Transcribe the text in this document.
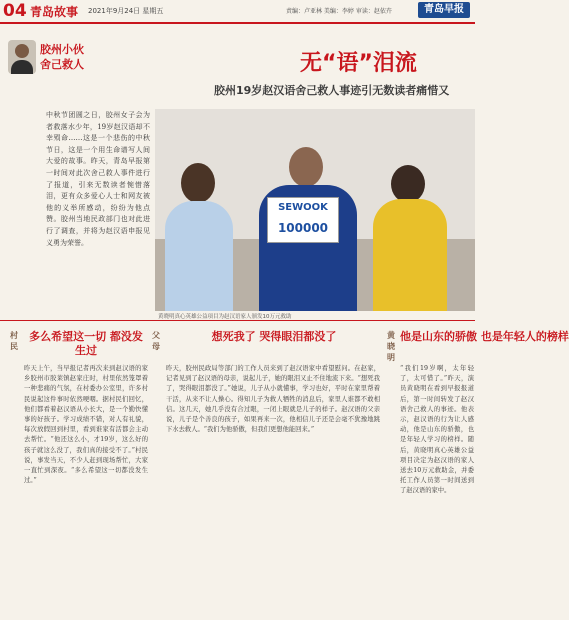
04 青岛故事 2021年9月24日 星期五	责编：卢亚林 美编：李婷 审读：赵依卉	青岛早报
胶州小伙 舍己救人	无“语”泪流
胶州19岁赵汉语舍己救人事迹引无数读者痛惜又
中秋节团圆之日，胶州女子会为者救落水少年，19岁赵汉语却不幸殒命……这是一个悲伤的中秋节日，这是一个用生命谱写人间大爱的故事。昨天，青岛早报第一时间对此次舍己救人事件进行了报道，引来无数读者惋惜落泪，更有众多爱心人士和网友被他的义举所感动，纷纷为他点赞。胶州当地民政部门也对此进行了调查，并将为赵汉语申报见义勇为荣誉。
SEWOOK
100000
黄晓明真心英雄公益项目为赵汉语家人颁发10万元救助
村民
多么希望这一切 都没发生过
昨天上午，当早报记者再次来到赵汉语的家乡胶州市胶莱镇赵家庄时，村里依然笼罩着一种悲痛的气氛，在村委办公室里，许多村民说起这件事时依然哽咽。据村民们回忆，他们都看着赵汉语从小长大，是一个勤快懂事的好孩子。学习成绩不错，对人有礼貌，每次放假回到村里，看到谁家有活都会主动去帮忙。“他还这么小，才19岁，这么好的孩子就这么没了，我们真的接受不了。”村民说，事发当天，不少人赶到现场帮忙，大家一直忙到深夜。“多么希望这一切都没发生过。”
父母
想死我了 哭得眼泪都没了
昨天，胶州民政局等部门的工作人员来到了赵汉语家中看望慰问。在赵家，记者见到了赵汉语的母亲，说起儿子，她的眼泪又止不住地流下来。“想死我了，哭得眼泪都没了。”她说，儿子从小就懂事，学习也好，平时在家里帮着干活，从来不让人操心。得知儿子为救人牺牲的消息后，家里人谁都不敢相信。这几天，她几乎没有合过眼，一闭上眼就是儿子的样子。赵汉语的父亲说，儿子是个善良的孩子，如果再来一次，他相信儿子还是会毫不犹豫地跳下水去救人。“我们为他骄傲，但我们更想他能回来。”
黄晓明
他是山东的骄傲 也是年轻人的榜样
“我们19岁啊，太年轻了，太可惜了。”昨天，演员黄晓明在看到早报报道后，第一时间转发了赵汉语舍己救人的事迹。他表示，赵汉语的行为让人感动，他是山东的骄傲，也是年轻人学习的榜样。随后，黄晓明真心英雄公益项目决定为赵汉语的家人送去10万元救助金，并委托工作人员第一时间送到了赵汉语的家中。
